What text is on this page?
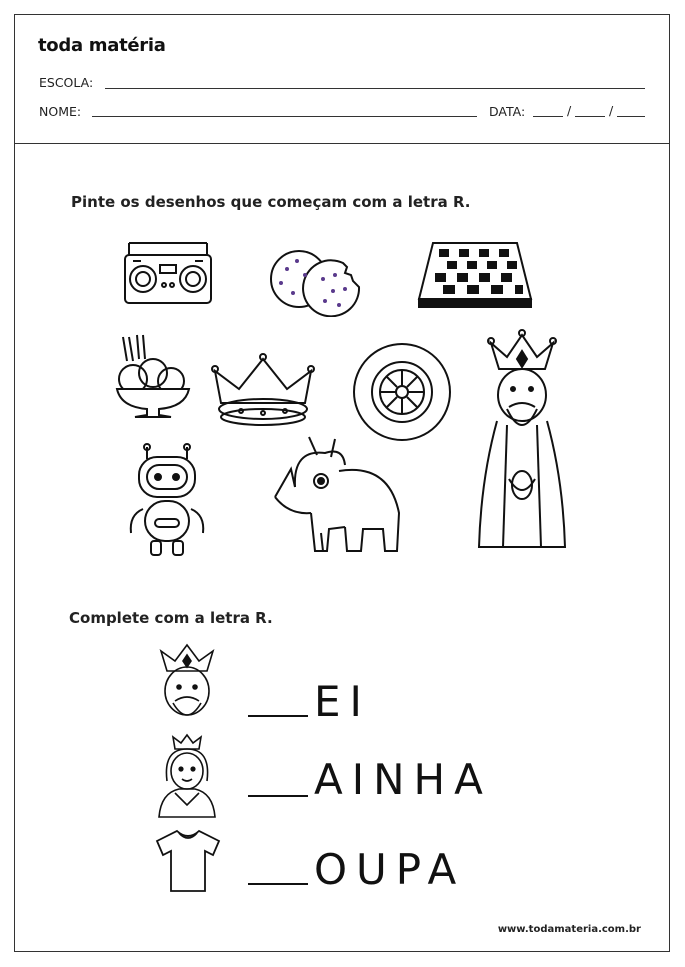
toda matéria
ESCOLA:
NOME:	DATA:	/	/
Pinte os desenhos que começam com a letra R.
Complete com a letra R.
EI
AINHA
OUPA
www.todamateria.com.br
